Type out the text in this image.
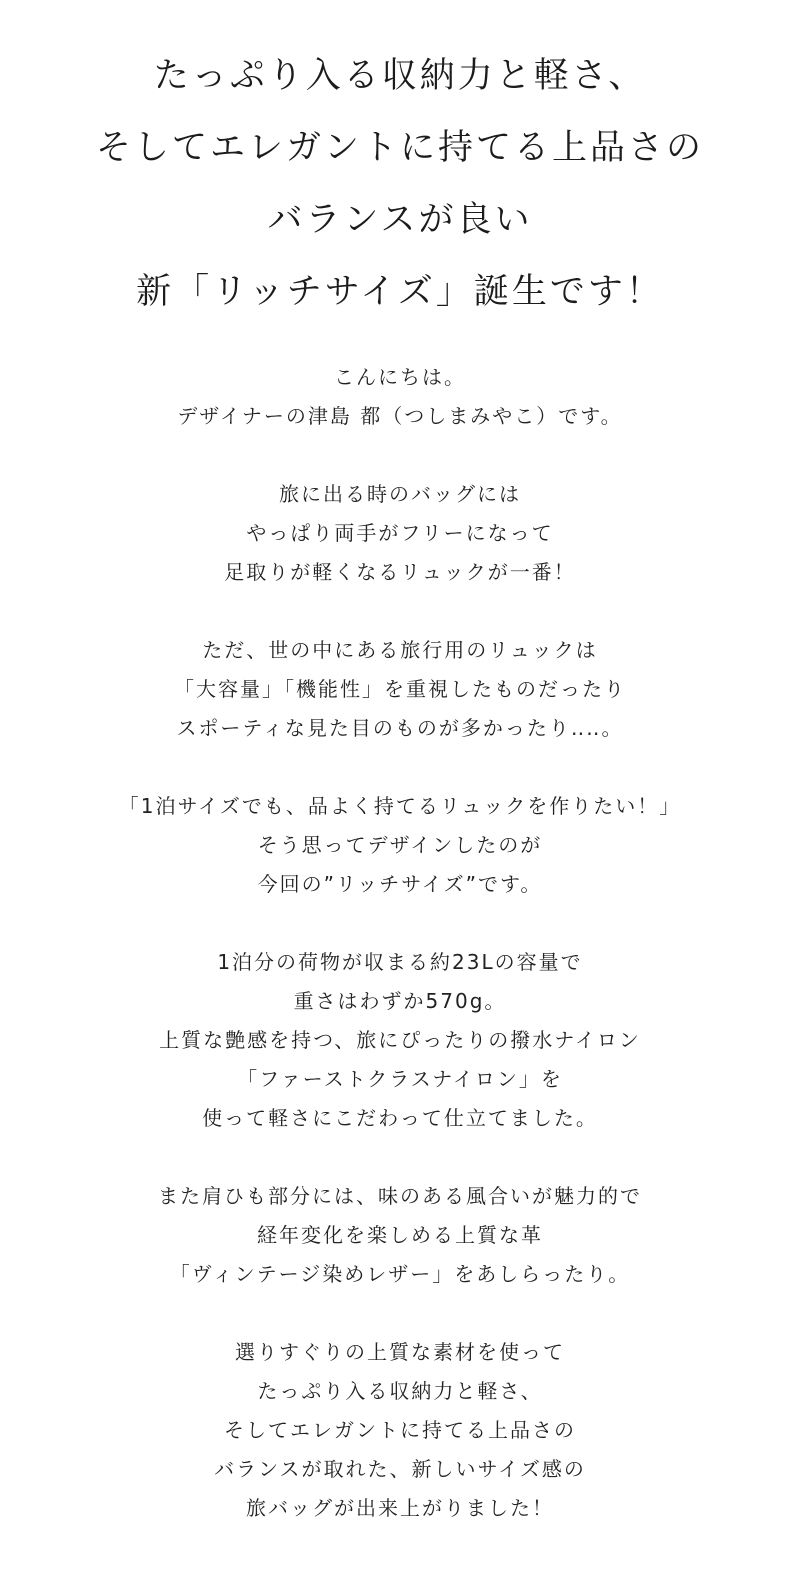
たっぷり入る収納力と軽さ、
そしてエレガントに持てる上品さの
バランスが良い
新「リッチサイズ」誕生です！
こんにちは。
デザイナーの津島 都（つしまみやこ）です。
旅に出る時のバッグには
やっぱり両手がフリーになって
足取りが軽くなるリュックが一番！
ただ、世の中にある旅行用のリュックは
「大容量」「機能性」を重視したものだったり
スポーティな見た目のものが多かったり‥‥。
「1泊サイズでも、品よく持てるリュックを作りたい！」
そう思ってデザインしたのが
今回の”リッチサイズ”です。
1泊分の荷物が収まる約23Lの容量で
重さはわずか570g。
上質な艶感を持つ、旅にぴったりの撥水ナイロン
「ファーストクラスナイロン」を
使って軽さにこだわって仕立てました。
また肩ひも部分には、味のある風合いが魅力的で
経年変化を楽しめる上質な革
「ヴィンテージ染めレザー」をあしらったり。
選りすぐりの上質な素材を使って
たっぷり入る収納力と軽さ、
そしてエレガントに持てる上品さの
バランスが取れた、新しいサイズ感の
旅バッグが出来上がりました！
